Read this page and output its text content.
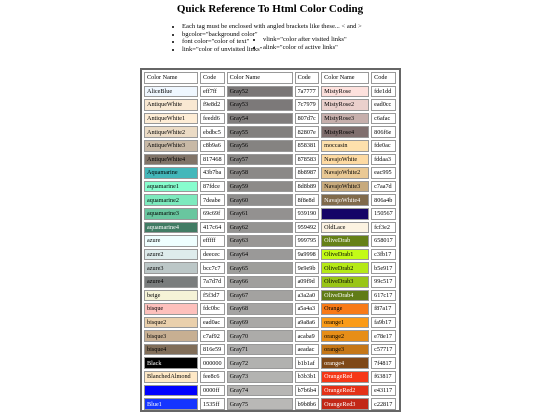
Quick Reference To Html Color Coding
• Each tag must be enclosed with angled brackets like these... < and >
• bgcolor="background color"
• font color="color of text"
• link="color of unvisited links"
• vlink="color after visited links"
• alink="color of active links"
Color Name	Code	Color Name	Code	Color Name	Code
AliceBlue	eff7ff	Gray52	7a7777	MistyRose	fde1dd
AntiqueWhite	f9e8d2	Gray53	7c7979	MistyRose2	ead0cc
AntiqueWhite1	feedd6	Gray54	807d7c	MistyRose3	c6afac
AntiqueWhite2	ebdbc5	Gray55	82807e	MistyRose4	806f6e
AntiqueWhite3	c8b9a6	Gray56	858381	moccasin	fde0ac
AntiqueWhite4	817468	Gray57	878583	NavajoWhite	fddaa3
Aquamarine	43b7ba	Gray58	8b8987	NavajoWhite2	eac995
aquamarine1	87fdce	Gray59	8d8b89	NavajoWhite3	c7aa7d
aquamarine2	7deabe	Gray60	8f8e8d	NavajoWhite4	806a4b
aquamarine3	69c69f	Gray61	939190		150567
aquamarine4	417c64	Gray62	959492	OldLace	fcf3e2
azure	efffff	Gray63	999795	OliveDrab	658017
azure2	deecec	Gray64	9a9998	OliveDrab1	c3fb17
azure3	bcc7c7	Gray65	9e9e9b	OliveDrab2	b5e917
azure4	7a7d7d	Gray66	a09f9d	OliveDrab3	99c517
beige	f5f3d7	Gray67	a3a2a0	OliveDrab4	617c17
bisque	fdc0bc	Gray68	a5a4a3	Orange	f87a17
bisque2	ead0ac	Gray69	a9a8a6	orange1	fa9b17
bisque3	c7af92	Gray70	acaba9	orange2	e78e17
bisque4	816e59	Gray71	aeadac	orange3	c57717
Black	000000	Gray72	b1b1af	orange4	7f4817
BlanchedAlmond	fee8c6	Gray73	b3b3b1	OrangeRed	f63817
	0000ff	Gray74	b7b6b4	OrangeRed2	e43117
Blue1	1535ff	Gray75	b9b8b6	OrangeRed3	c22817
